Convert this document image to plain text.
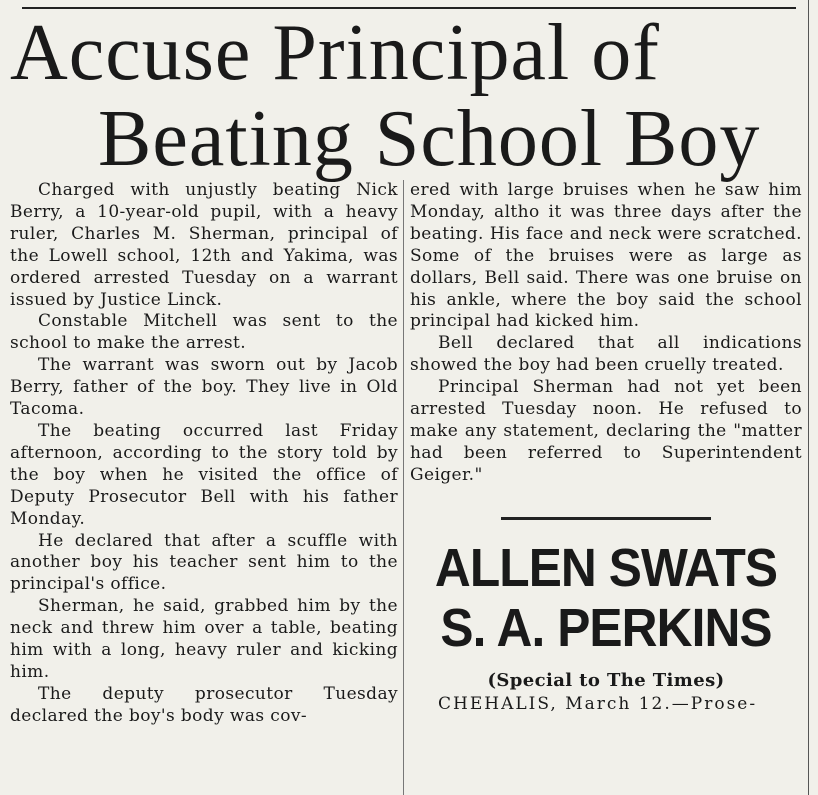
Accuse Principal of
Beating School Boy

Charged with unjustly beating Nick Berry, a 10-year-old pupil, with a heavy ruler, Charles M. Sherman, principal of the Lowell school, 12th and Yakima, was ordered arrested Tuesday on a warrant issued by Justice Linck.

Constable Mitchell was sent to the school to make the arrest.

The warrant was sworn out by Jacob Berry, father of the boy. They live in Old Tacoma.

The beating occurred last Friday afternoon, according to the story told by the boy when he visited the office of Deputy Prosecutor Bell with his father Monday.

He declared that after a scuffle with another boy his teacher sent him to the principal's office.

Sherman, he said, grabbed him by the neck and threw him over a table, beating him with a long, heavy ruler and kicking him.

The deputy prosecutor Tuesday declared the boy's body was cov-

ered with large bruises when he saw him Monday, altho it was three days after the beating. His face and neck were scratched. Some of the bruises were as large as dollars, Bell said. There was one bruise on his ankle, where the boy said the school principal had kicked him.

Bell declared that all indications showed the boy had been cruelly treated.

Principal Sherman had not yet been arrested Tuesday noon. He refused to make any statement, declaring the "matter had been referred to Superintendent Geiger."

ALLEN SWATS
S. A. PERKINS
(Special to The Times)
CHEHALIS, March 12.—Prose-
